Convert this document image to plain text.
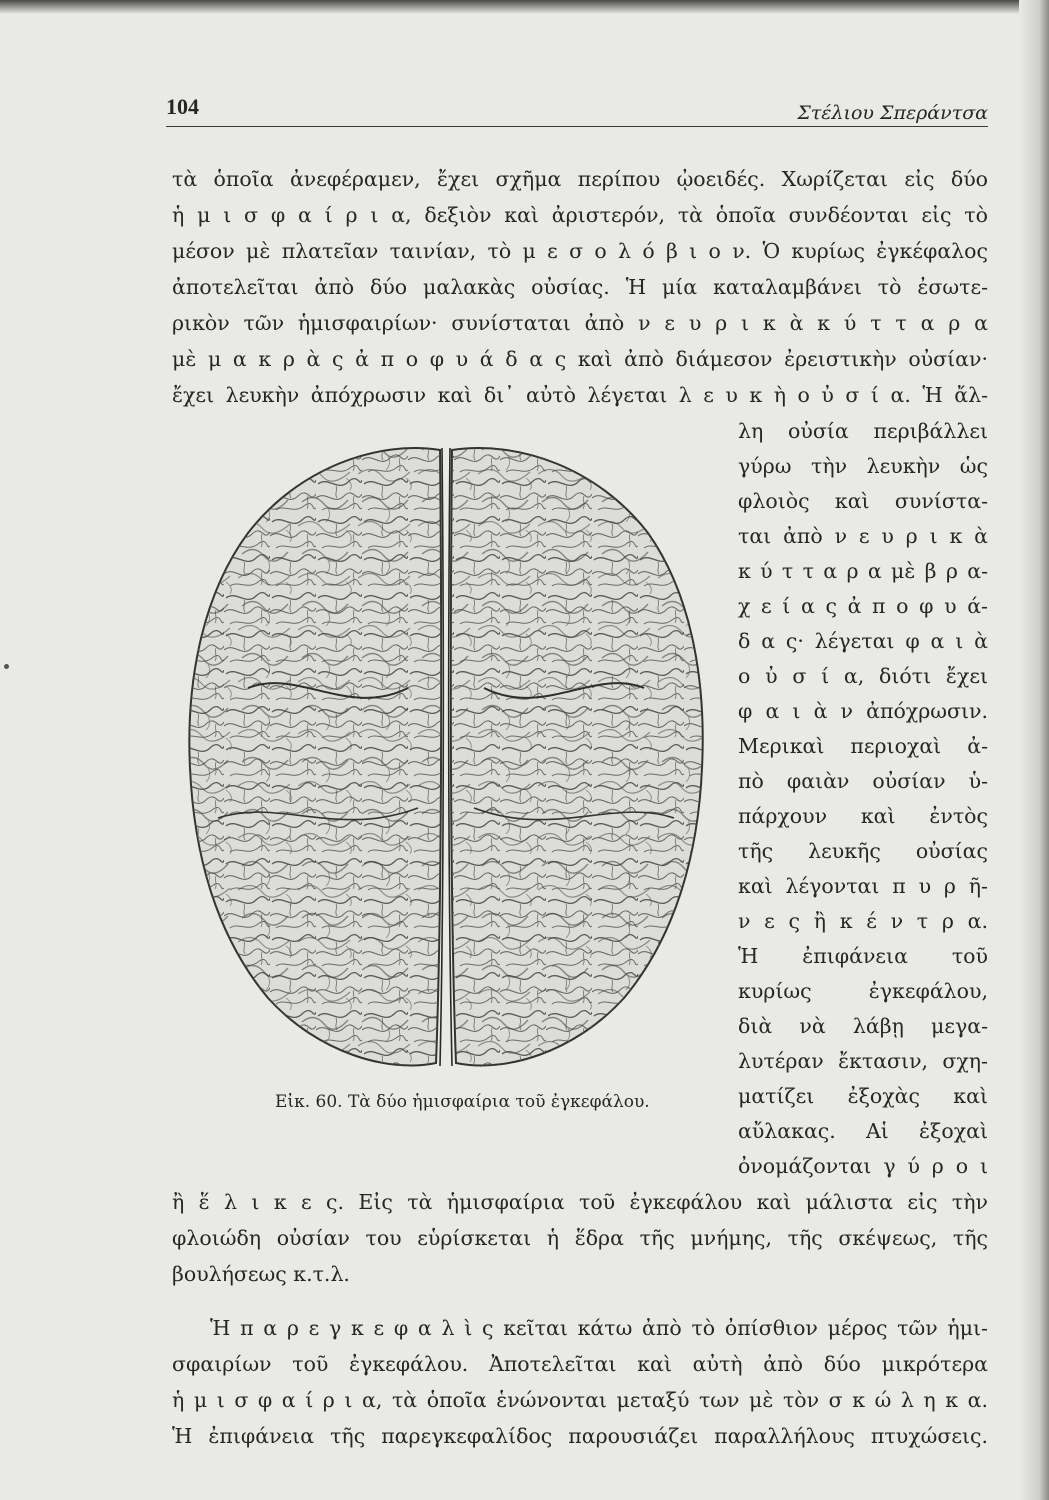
104	Στέλιου Σπεράντσα
τὰ ὁποῖα ἀνεφέραμεν, ἔχει σχῆμα περίπου ᾠοειδές. Χωρίζεται εἰς δύο
ἡ μ ι σ φ α ί ρ ι α, δεξιὸν καὶ ἀριστερόν, τὰ ὁποῖα συνδέονται εἰς τὸ
μέσον μὲ πλατεῖαν ταινίαν, τὸ μ ε σ ο λ ό β ι ο ν. Ὁ κυρίως ἐγκέφαλος
ἀποτελεῖται ἀπὸ δύο μαλακὰς οὐσίας. Ἡ μία καταλαμβάνει τὸ ἐσωτε-
ρικὸν τῶν ἡμισφαιρίων· συνίσταται ἀπὸ ν ε υ ρ ι κ ὰ κ ύ τ τ α ρ α
μὲ μ α κ ρ ὰ ς ἀ π ο φ υ ά δ α ς καὶ ἀπὸ διάμεσον ἐρειστικὴν οὐσίαν·
ἔχει λευκὴν ἀπόχρωσιν καὶ δι᾽ αὐτὸ λέγεται λ ε υ κ ὴ ο ὐ σ ί α. Ἡ ἄλ-
λη οὐσία περιβάλλει
γύρω τὴν λευκὴν ὡς
φλοιὸς καὶ συνίστα-
ται ἀπὸ ν ε υ ρ ι κ ὰ
κ ύ τ τ α ρ α μὲ β ρ α-
χ ε ί α ς ἀ π ο φ υ ά-
δ α ς· λέγεται φ α ι ὰ
ο ὐ σ ί α, διότι ἔχει
φ α ι ὰ ν ἀπόχρωσιν.
Μερικαὶ περιοχαὶ ἀ-
πὸ φαιὰν οὐσίαν ὑ-
πάρχουν καὶ ἐντὸς
τῆς λευκῆς οὐσίας
καὶ λέγονται π υ ρ ῆ-
ν ε ς ἢ κ έ ν τ ρ α.
Ἡ ἐπιφάνεια τοῦ
κυρίως ἐγκεφάλου,
διὰ νὰ λάβῃ μεγα-
λυτέραν ἔκτασιν, σχη-
ματίζει ἐξοχὰς καὶ
αὔλακας. Αἱ ἐξοχαὶ
ὀνομάζονται γ ύ ρ ο ι
ἢ ἕ λ ι κ ε ς. Εἰς τὰ ἡμισφαίρια τοῦ ἐγκεφάλου καὶ μάλιστα εἰς τὴν
φλοιώδη οὐσίαν του εὑρίσκεται ἡ ἕδρα τῆς μνήμης, τῆς σκέψεως, τῆς
βουλήσεως κ.τ.λ.
Ἡ π α ρ ε γ κ ε φ α λ ὶ ς κεῖται κάτω ἀπὸ τὸ ὀπίσθιον μέρος τῶν ἡμι-
σφαιρίων τοῦ ἐγκεφάλου. Ἀποτελεῖται καὶ αὐτὴ ἀπὸ δύο μικρότερα
ἡ μ ι σ φ α ί ρ ι α, τὰ ὁποῖα ἑνώνονται μεταξύ των μὲ τὸν σ κ ώ λ η κ α.
Ἡ ἐπιφάνεια τῆς παρεγκεφαλίδος παρουσιάζει παραλλήλους πτυχώσεις.
Εἰκ. 60. Τὰ δύο ἡμισφαίρια τοῦ ἐγκεφάλου.
